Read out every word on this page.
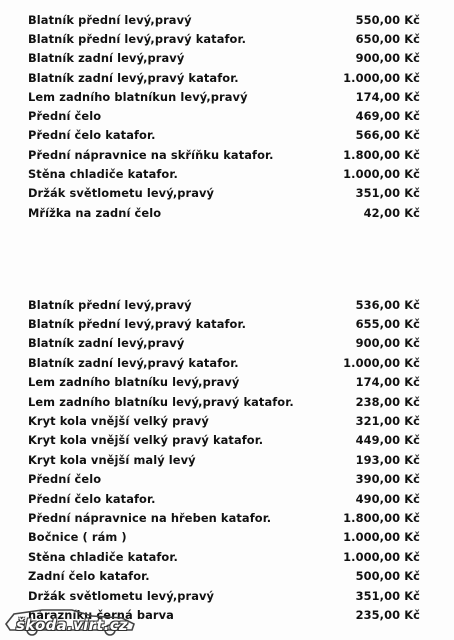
Blatník přední levý,pravý	550,00 Kč
Blatník přední levý,pravý katafor.	650,00 Kč
Blatník zadní levý,pravý	900,00 Kč
Blatník zadní levý,pravý katafor.	1.000,00 Kč
Lem zadního blatníkun levý,pravý	174,00 Kč
Přední čelo	469,00 Kč
Přední čelo katafor.	566,00 Kč
Přední nápravnice na skříňku katafor.	1.800,00 Kč
Stěna chladiče katafor.	1.000,00 Kč
Držák světlometu levý,pravý	351,00 Kč
Mřížka na zadní čelo	42,00 Kč
Blatník přední levý,pravý	536,00 Kč
Blatník přední levý,pravý katafor.	655,00 Kč
Blatník zadní levý,pravý	900,00 Kč
Blatník zadní levý,pravý katafor.	1.000,00 Kč
Lem zadního blatníku levý,pravý	174,00 Kč
Lem zadního blatníku levý,pravý katafor.	238,00 Kč
Kryt kola vnější velký pravý	321,00 Kč
Kryt kola vnější velký pravý katafor.	449,00 Kč
Kryt kola vnější malý levý	193,00 Kč
Přední čelo	390,00 Kč
Přední čelo katafor.	490,00 Kč
Přední nápravnice na hřeben katafor.	1.800,00 Kč
Bočnice ( rám )	1.000,00 Kč
Stěna chladiče katafor.	1.000,00 Kč
Zadní čelo katafor.	500,00 Kč
Držák světlometu levý,pravý	351,00 Kč
nárazníku černá barva	235,00 Kč
škoda.virt.cz
